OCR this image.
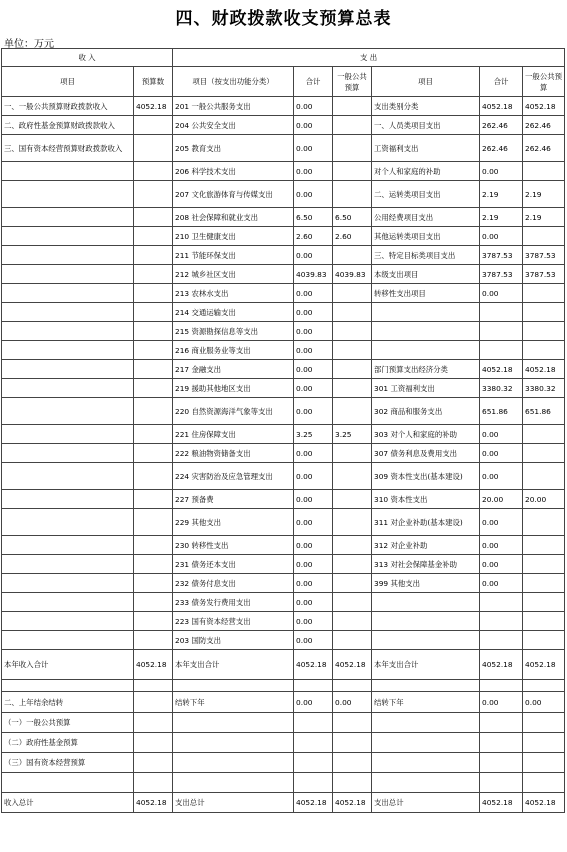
四、财政拨款收支预算总表
单位：万元
收 入		支 出					
项目	预算数	项目（按支出功能分类）	合计	一般公共预算	项目	合计	一般公共预算
一、一般公共预算财政拨款收入	4052.18	201 一般公共服务支出	0.00		支出类别分类	4052.18	4052.18
二、政府性基金预算财政拨款收入		204 公共安全支出	0.00		一、人员类项目支出	262.46	262.46
三、国有资本经营预算财政拨款收入		205 教育支出	0.00		工资福利支出	262.46	262.46
		206 科学技术支出	0.00		对个人和家庭的补助	0.00	
		207 文化旅游体育与传媒支出	0.00		二、运转类项目支出	2.19	2.19
		208 社会保障和就业支出	6.50	6.50	公用经费项目支出	2.19	2.19
		210 卫生健康支出	2.60	2.60	其他运转类项目支出	0.00	
		211 节能环保支出	0.00		三、特定目标类项目支出	3787.53	3787.53
		212 城乡社区支出	4039.83	4039.83	本级支出项目	3787.53	3787.53
		213 农林水支出	0.00		转移性支出项目	0.00	
		214 交通运输支出	0.00				
		215 资源勘探信息等支出	0.00				
		216 商业服务业等支出	0.00				
		217 金融支出	0.00		部门预算支出经济分类	4052.18	4052.18
		219 援助其他地区支出	0.00		301 工资福利支出	3380.32	3380.32
		220 自然资源海洋气象等支出	0.00		302 商品和服务支出	651.86	651.86
		221 住房保障支出	3.25	3.25	303 对个人和家庭的补助	0.00	
		222 粮油物资储备支出	0.00		307 债务利息及费用支出	0.00	
		224 灾害防治及应急管理支出	0.00		309 资本性支出(基本建设)	0.00	
		227 预备费	0.00		310 资本性支出	20.00	20.00
		229 其他支出	0.00		311 对企业补助(基本建设)	0.00	
		230 转移性支出	0.00		312 对企业补助	0.00	
		231 债务还本支出	0.00		313 对社会保障基金补助	0.00	
		232 债务付息支出	0.00		399 其他支出	0.00	
		233 债务发行费用支出	0.00				
		223 国有资本经营支出	0.00				
		203 国防支出	0.00				
本年收入合计	4052.18	本年支出合计	4052.18	4052.18	本年支出合计	4052.18	4052.18

二、上年结余结转		结转下年	0.00	0.00	结转下年	0.00	0.00
（一）一般公共预算							
（二）政府性基金预算							
（三）国有资本经营预算							

收入总计	4052.18	支出总计	4052.18	4052.18	支出总计	4052.18	4052.18
